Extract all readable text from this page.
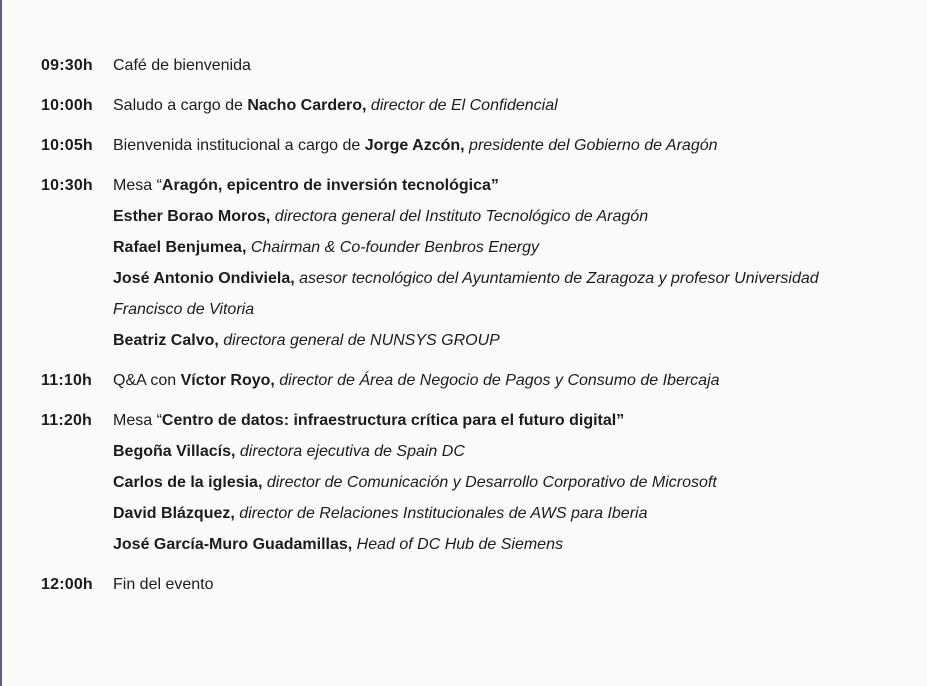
09:30h	Café de bienvenida
10:00h	Saludo a cargo de Nacho Cardero, director de El Confidencial
10:05h	Bienvenida institucional a cargo de Jorge Azcón, presidente del Gobierno de Aragón
10:30h	Mesa “Aragón, epicentro de inversión tecnológica”
Esther Borao Moros, directora general del Instituto Tecnológico de Aragón
Rafael Benjumea, Chairman & Co-founder Benbros Energy
José Antonio Ondiviela, asesor tecnológico del Ayuntamiento de Zaragoza y profesor Universidad
Francisco de Vitoria
Beatriz Calvo, directora general de NUNSYS GROUP
11:10h	Q&A con Víctor Royo, director de Área de Negocio de Pagos y Consumo de Ibercaja
11:20h	Mesa “Centro de datos: infraestructura crítica para el futuro digital”
Begoña Villacís, directora ejecutiva de Spain DC
Carlos de la iglesia, director de Comunicación y Desarrollo Corporativo de Microsoft
David Blázquez, director de Relaciones Institucionales de AWS para Iberia
José García-Muro Guadamillas, Head of DC Hub de Siemens
12:00h	Fin del evento
